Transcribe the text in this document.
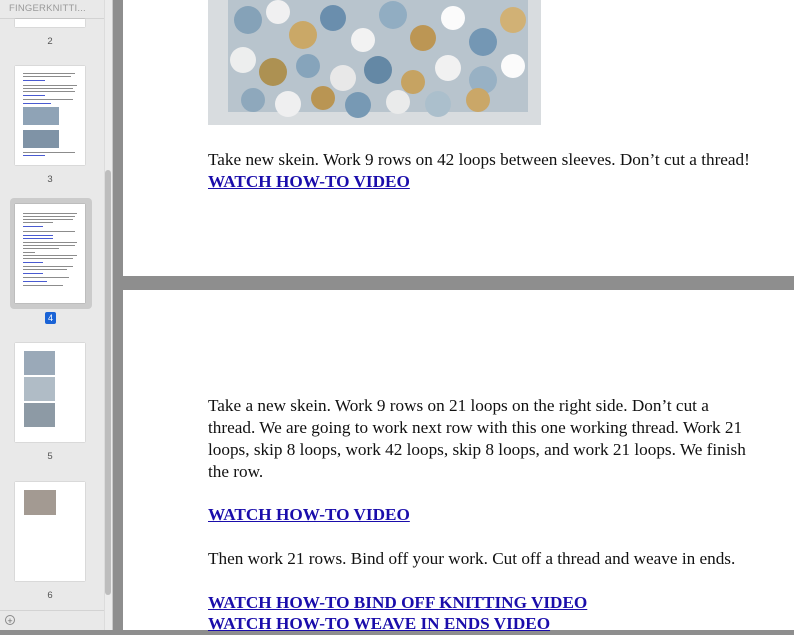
FINGERKNITTI...
2
3
4
5
6
+

Take new skein. Work 9 rows on 42 loops between sleeves. Don’t cut a thread!

WATCH HOW-TO VIDEO
Take a new skein. Work 9 rows on 21 loops on the right side. Don’t cut a
thread. We are going to work next row with this one working thread. Work 21
loops, skip 8 loops, work 42 loops, skip 8 loops, and work 21 loops. We finish
the row.
WATCH HOW-TO VIDEO

Then work 21 rows. Bind off your work. Cut off a thread and weave in ends.

WATCH HOW-TO BIND OFF KNITTING VIDEO
WATCH HOW-TO WEAVE IN ENDS VIDEO
